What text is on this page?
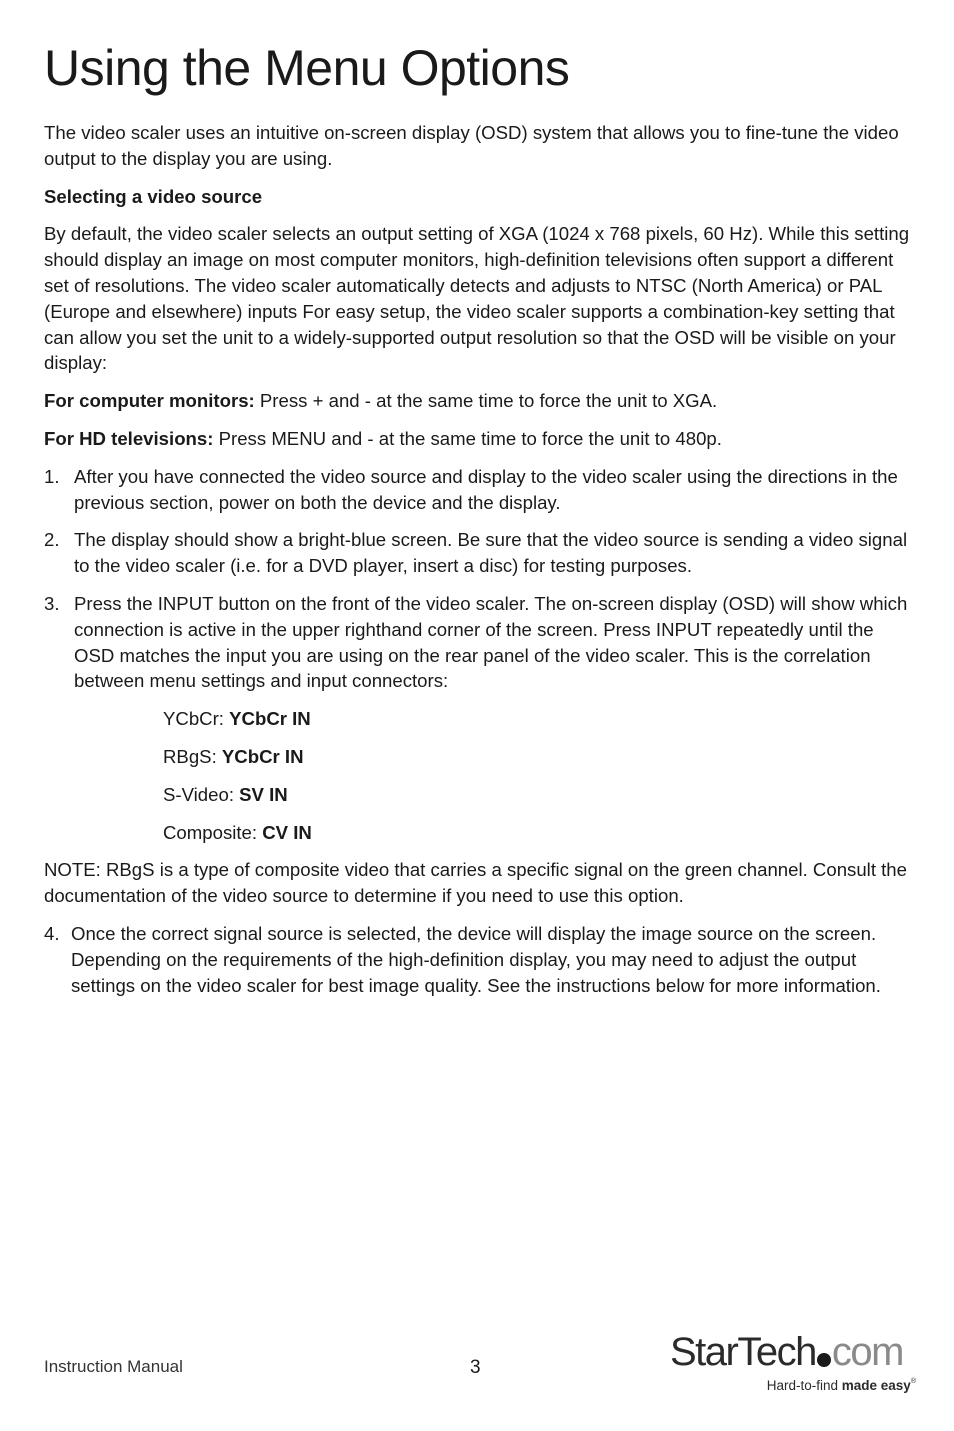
Using the Menu Options

The video scaler uses an intuitive on-screen display (OSD) system that allows you to fine-tune the video output to the display you are using.

Selecting a video source

By default, the video scaler selects an output setting of XGA (1024 x 768 pixels, 60 Hz). While this setting should display an image on most computer monitors, high-definition televisions often support a different set of resolutions. The video scaler automatically detects and adjusts to NTSC (North America) or PAL (Europe and elsewhere) inputs For easy setup, the video scaler supports a combination-key setting that can allow you set the unit to a widely-supported output resolution so that the OSD will be visible on your display:

For computer monitors: Press + and - at the same time to force the unit to XGA.

For HD televisions: Press MENU and - at the same time to force the unit to 480p.

1. After you have connected the video source and display to the video scaler using the directions in the previous section, power on both the device and the display.
2. The display should show a bright-blue screen. Be sure that the video source is sending a video signal to the video scaler (i.e. for a DVD player, insert a disc) for testing purposes.
3. Press the INPUT button on the front of the video scaler. The on-screen display (OSD) will show which connection is active in the upper righthand corner of the screen. Press INPUT repeatedly until the OSD matches the input you are using on the rear panel of the video scaler. This is the correlation between menu settings and input connectors:
YCbCr: YCbCr IN
RBgS: YCbCr IN
S-Video: SV IN
Composite: CV IN

NOTE: RBgS is a type of composite video that carries a specific signal on the green channel. Consult the documentation of the video source to determine if you need to use this option.

4. Once the correct signal source is selected, the device will display the image source on the screen. Depending on the requirements of the high-definition display, you may need to adjust the output settings on the video scaler for best image quality. See the instructions below for more information.
Instruction Manual	3	StarTech com
Hard-to-find made easy®
